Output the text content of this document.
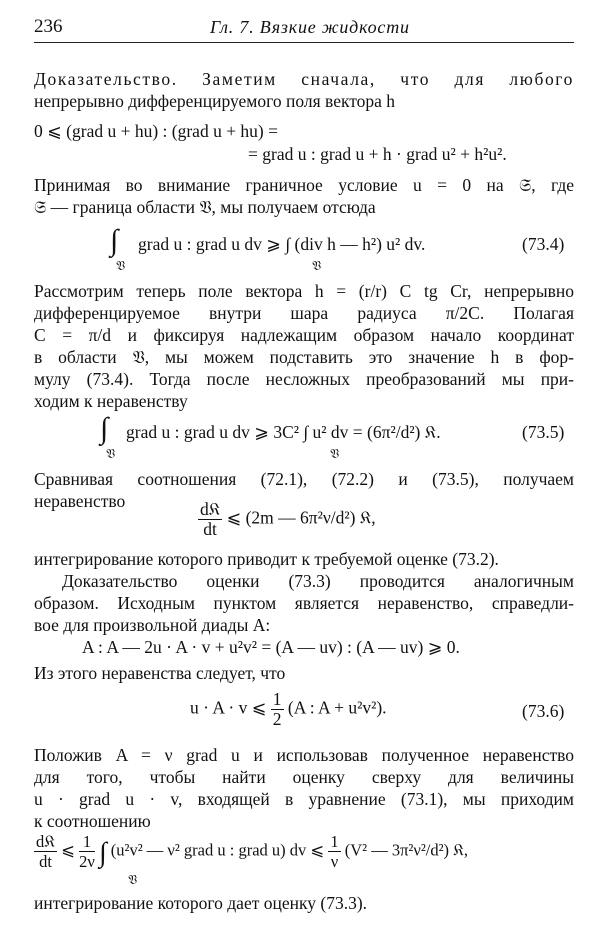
236	Гл. 7. Вязкие жидкости
Доказательство. Заметим сначала, что для любого
непрерывно дифференцируемого поля вектора h
0 ⩽ (grad u + hu) : (grad u + hu) =
= grad u : grad u + h · grad u² + h²u².
Принимая во внимание граничное условие u = 0 на 𝔖, где
𝔖 — граница области 𝔙, мы получаем отсюда
∫
𝔙
grad u : grad u dv ⩾ ∫ (div h — h²) u² dv.
𝔙
(73.4)
Рассмотрим теперь поле вектора h = (r/r) C tg Cr, непрерывно
дифференцируемое внутри шара радиуса π/2C. Полагая
C = π/d и фиксируя надлежащим образом начало координат
в области 𝔙, мы можем подставить это значение h в фор-
мулу (73.4). Тогда после несложных преобразований мы при-
ходим к неравенству
∫
𝔙
grad u : grad u dv ⩾ 3C² ∫ u² dv = (6π²/d²) 𝔎.
𝔙
(73.5)
Сравнивая соотношения (72.1), (72.2) и (73.5), получаем
неравенство	$\frac{\text{d𝔎}}{dt}$ ⩽ (2m — 6π²ν/d²) 𝔎,
интегрирование которого приводит к требуемой оценке (73.2).
Доказательство оценки (73.3) проводится аналогичным
образом. Исходным пунктом является неравенство, справедли-
вое для произвольной диады A:
A : A — 2u · A · v + u²v² = (A — uv) : (A — uv) ⩾ 0.
Из этого неравенства следует, что
u · A · v ⩽ $\frac{1}{2} (A$ : A + u²v²).	(73.6)
Положив A = ν grad u и использовав полученное неравенство
для того, чтобы найти оценку сверху для величины
u · grad u · v, входящей в уравнение (73.1), мы приходим
к соотношению
$\frac{\text{d𝔎}}{dt}$ ⩽ $\frac{1}{2\nu}$ ∫ (u²v² — ν² grad u : grad u) dv ⩽ $\frac{1}{\nu} (V^2$ — 3π²ν²/d²) 𝔎,
𝔙
интегрирование которого дает оценку (73.3).
